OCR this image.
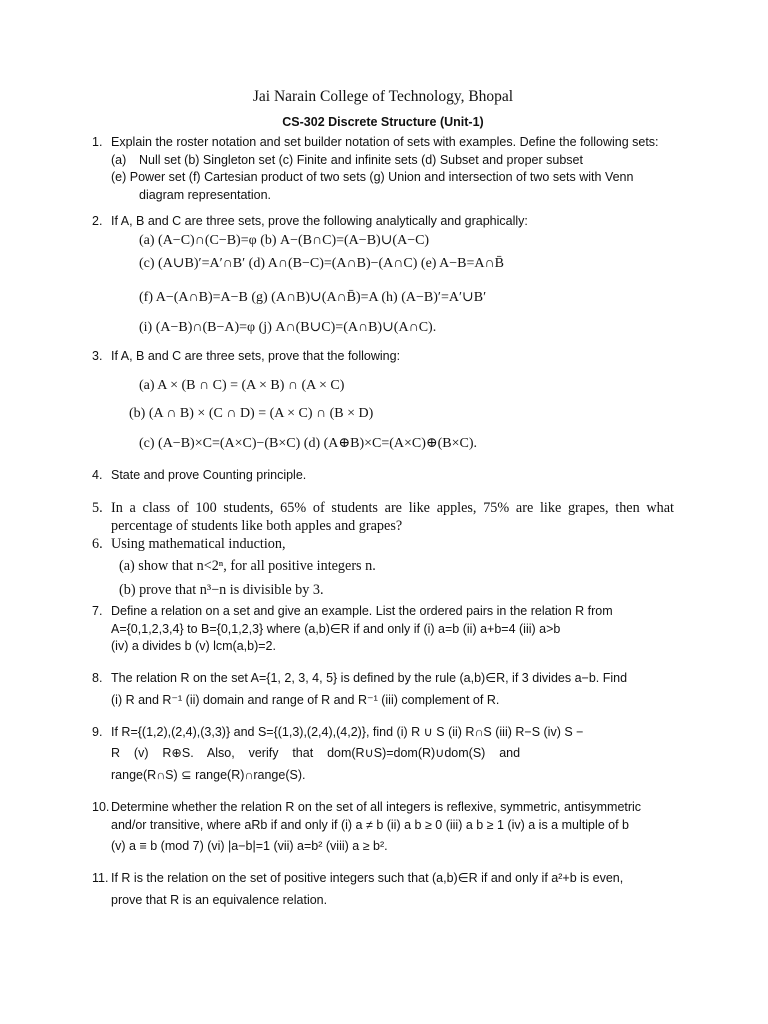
Jai Narain College of Technology, Bhopal

CS-302 Discrete Structure (Unit-1)

1. Explain the roster notation and set builder notation of sets with examples. Define the following sets:
(a) Null set (b) Singleton set (c) Finite and infinite sets (d) Subset and proper subset
(e) Power set (f) Cartesian product of two sets (g) Union and intersection of two sets with Venn
diagram representation.
2. If A, B and C are three sets, prove the following analytically and graphically:
(a) (A−C)∩(C−B)=φ (b) A−(B∩C)=(A−B)∪(A−C)
(c) (A∪B)′=A′∩B′ (d) A∩(B−C)=(A∩B)−(A∩C) (e) A−B=A∩B̄
(f) A−(A∩B)=A−B (g) (A∩B)∪(A∩B̄)=A (h) (A−B)′=A′∪B′
(i) (A−B)∩(B−A)=φ (j) A∩(B∪C)=(A∩B)∪(A∩C).
3. If A, B and C are three sets, prove that the following:
(a) A × (B ∩ C) = (A × B) ∩ (A × C)
(b) (A ∩ B) × (C ∩ D) = (A × C) ∩ (B × D)
(c) (A−B)×C=(A×C)−(B×C) (d) (A⊕B)×C=(A×C)⊕(B×C).
4. State and prove Counting principle.
5. In a class of 100 students, 65% of students are like apples, 75% are like grapes, then what percentage of students like both apples and grapes?
6. Using mathematical induction,
(a) show that n<2ⁿ, for all positive integers n.
(b) prove that n³−n is divisible by 3.
7. Define a relation on a set and give an example. List the ordered pairs in the relation R from
A={0,1,2,3,4} to B={0,1,2,3} where (a,b)∈R if and only if (i) a=b (ii) a+b=4 (iii) a>b
(iv) a divides b (v) lcm(a,b)=2.
8. The relation R on the set A={1, 2, 3, 4, 5} is defined by the rule (a,b)∈R, if 3 divides a−b. Find
(i) R and R⁻¹ (ii) domain and range of R and R⁻¹ (iii) complement of R.
9. If R={(1,2),(2,4),(3,3)} and S={(1,3),(2,4),(4,2)}, find (i) R ∪ S (ii) R∩S (iii) R−S (iv) S −
R    (v)    R⊕S.    Also,    verify    that    dom(R∪S)=dom(R)∪dom(S)    and
range(R∩S) ⊆ range(R)∩range(S).
10. Determine whether the relation R on the set of all integers is reflexive, symmetric, antisymmetric
and/or transitive, where aRb if and only if (i) a ≠ b (ii) a b ≥ 0 (iii) a b ≥ 1 (iv) a is a multiple of b
(v) a ≡ b (mod 7) (vi) |a−b|=1 (vii) a=b² (viii) a ≥ b².
11. If R is the relation on the set of positive integers such that (a,b)∈R if and only if a²+b is even,
prove that R is an equivalence relation.
